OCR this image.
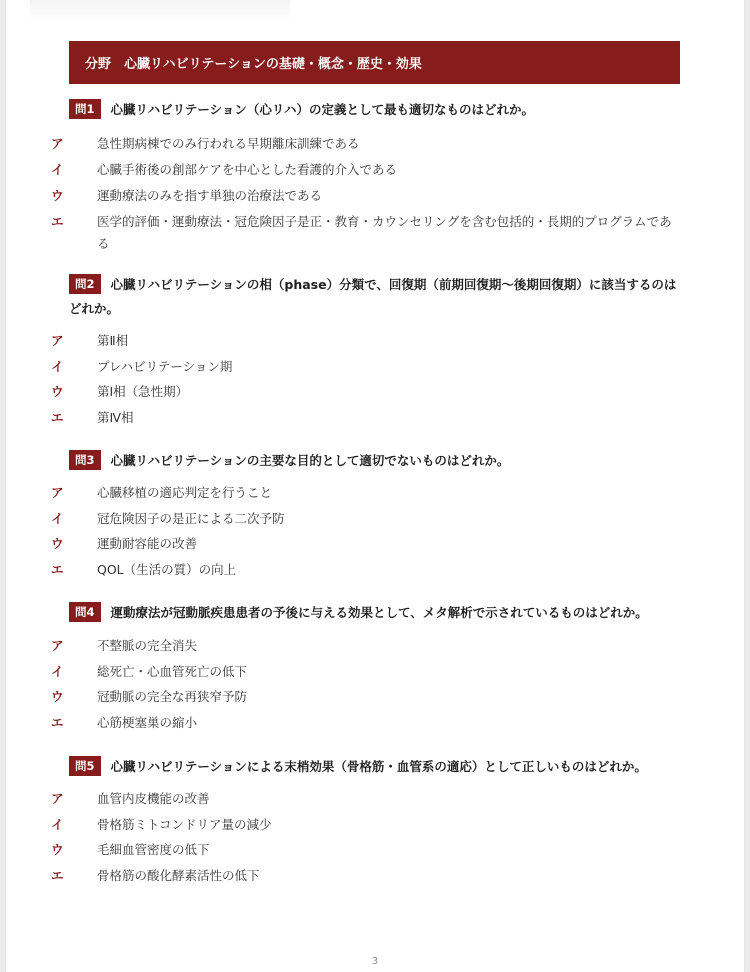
分野　心臓リハビリテーションの基礎・概念・歴史・効果
問1 心臓リハビリテーション（心リハ）の定義として最も適切なものはどれか。
ア	急性期病棟でのみ行われる早期離床訓練である
イ	心臓手術後の創部ケアを中心とした看護的介入である
ウ	運動療法のみを指す単独の治療法である
エ	医学的評価・運動療法・冠危険因子是正・教育・カウンセリングを含む包括的・長期的プログラムである
問2 心臓リハビリテーションの相（phase）分類で、回復期（前期回復期〜後期回復期）に該当するのはどれか。
ア	第Ⅱ相
イ	プレハビリテーション期
ウ	第Ⅰ相（急性期）
エ	第Ⅳ相
問3 心臓リハビリテーションの主要な目的として適切でないものはどれか。
ア	心臓移植の適応判定を行うこと
イ	冠危険因子の是正による二次予防
ウ	運動耐容能の改善
エ	QOL（生活の質）の向上
問4 運動療法が冠動脈疾患患者の予後に与える効果として、メタ解析で示されているものはどれか。
ア	不整脈の完全消失
イ	総死亡・心血管死亡の低下
ウ	冠動脈の完全な再狭窄予防
エ	心筋梗塞巣の縮小
問5 心臓リハビリテーションによる末梢効果（骨格筋・血管系の適応）として正しいものはどれか。
ア	血管内皮機能の改善
イ	骨格筋ミトコンドリア量の減少
ウ	毛細血管密度の低下
エ	骨格筋の酸化酵素活性の低下
3
